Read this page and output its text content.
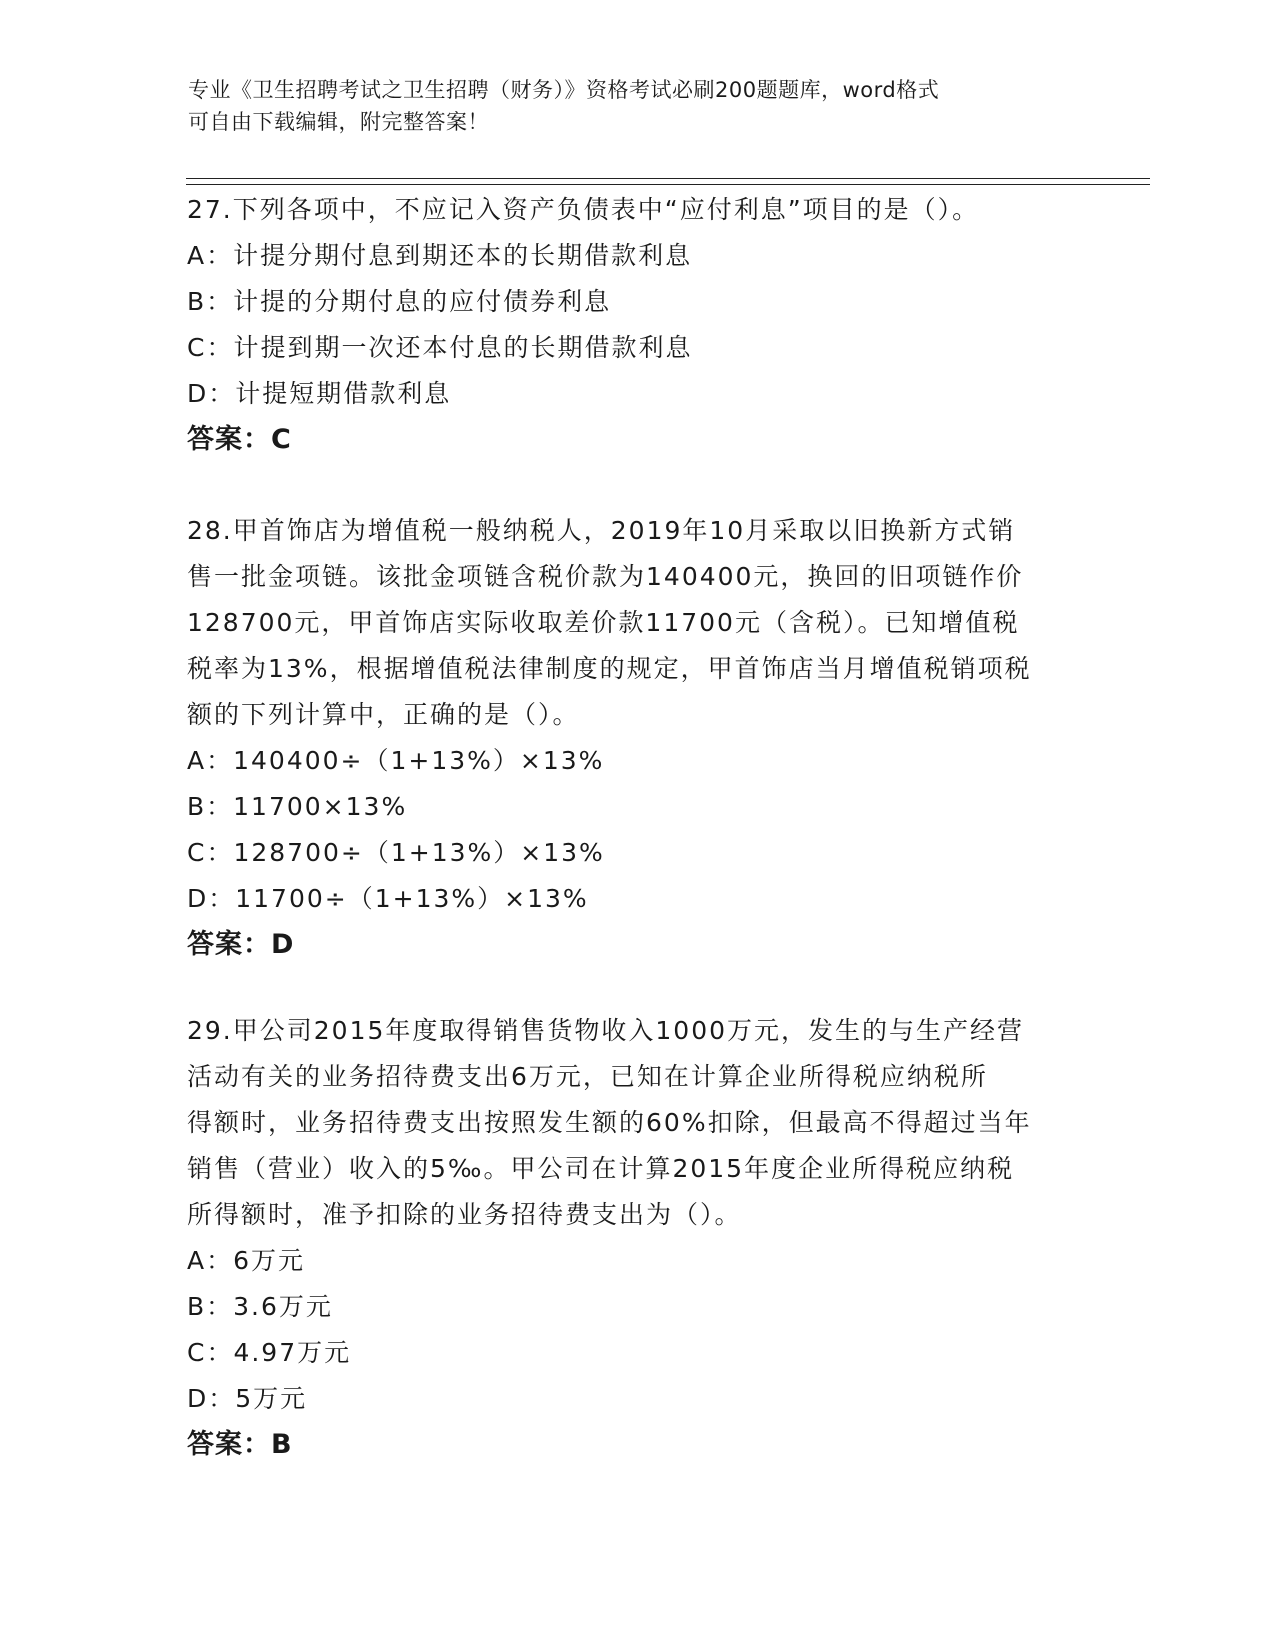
专业《卫生招聘考试之卫生招聘（财务）》资格考试必刷200题题库，word格式
可自由下载编辑，附完整答案！
27.下列各项中，不应记入资产负债表中“应付利息”项目的是（）。
A：计提分期付息到期还本的长期借款利息
B：计提的分期付息的应付债券利息
C：计提到期一次还本付息的长期借款利息
D：计提短期借款利息
答案：C
28.甲首饰店为增值税一般纳税人，2019年10月采取以旧换新方式销
售一批金项链。该批金项链含税价款为140400元，换回的旧项链作价
128700元，甲首饰店实际收取差价款11700元（含税）。已知增值税
税率为13%，根据增值税法律制度的规定，甲首饰店当月增值税销项税
额的下列计算中，正确的是（）。
A：140400÷（1+13%）×13%
B：11700×13%
C：128700÷（1+13%）×13%
D：11700÷（1+13%）×13%
答案：D
29.甲公司2015年度取得销售货物收入1000万元，发生的与生产经营
活动有关的业务招待费支出6万元，已知在计算企业所得税应纳税所
得额时，业务招待费支出按照发生额的60%扣除，但最高不得超过当年
销售（营业）收入的5‰。甲公司在计算2015年度企业所得税应纳税
所得额时，准予扣除的业务招待费支出为（）。
A：6万元
B：3.6万元
C：4.97万元
D：5万元
答案：B
